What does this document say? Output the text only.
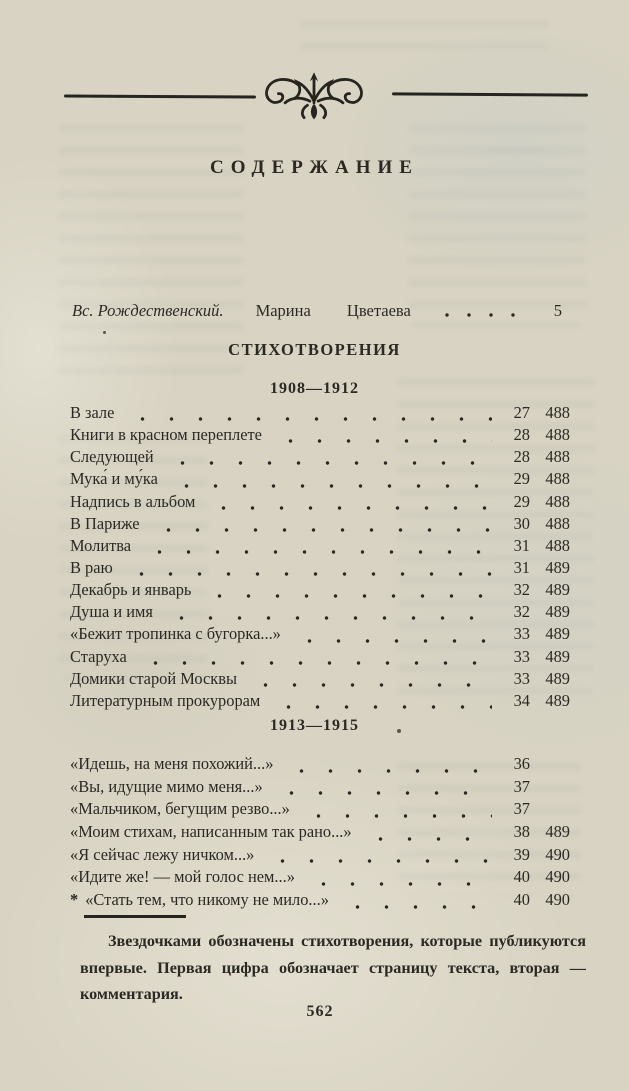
СОДЕРЖАНИЕ
Вс. Рождественский. Марина Цветаева	5
СТИХОТВОРЕНИЯ
1908—1912
В зале	27 488
Книги в красном переплете	28 488
Следующей	28 488
Мука́ и му́ка	29 488
Надпись в альбом	29 488
В Париже	30 488
Молитва	31 488
В раю	31 489
Декабрь и январь	32 489
Душа и имя	32 489
«Бежит тропинка с бугорка...»	33 489
Старуха	33 489
Домики старой Москвы	33 489
Литературным прокурорам	34 489
1913—1915
«Идешь, на меня похожий...»	36
«Вы, идущие мимо меня...»	37
«Мальчиком, бегущим резво...»	37
«Моим стихам, написанным так рано...»	38 489
«Я сейчас лежу ничком...»	39 490
«Идите же! — мой голос нем...»	40 490
* «Стать тем, что никому не мило...»	40 490
Звездочками обозначены стихотворения, которые публикуются впервые. Первая цифра обозначает страницу текста, вторая — комментария.
562
